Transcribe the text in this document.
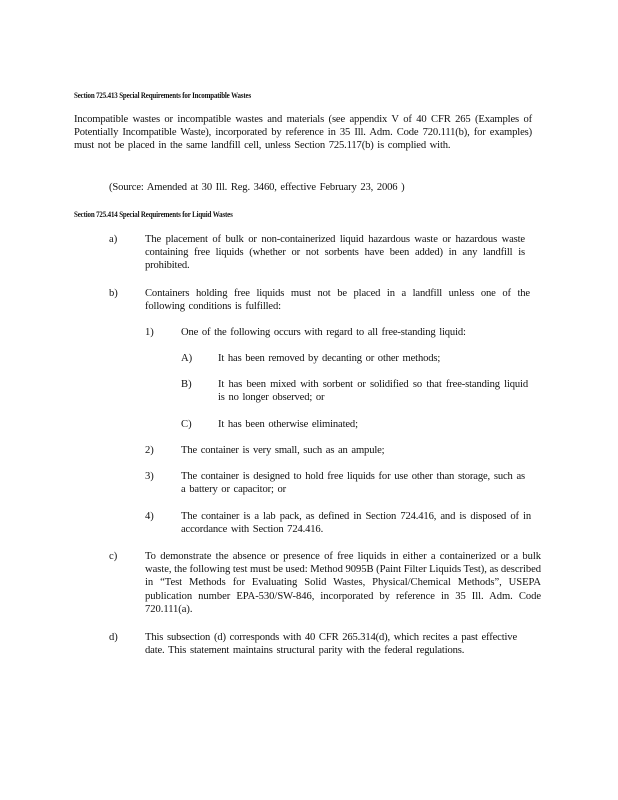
Section 725.413 Special Requirements for Incompatible Wastes
Incompatible wastes or incompatible wastes and materials (see appendix V of 40 CFR 265 (Examples of Potentially Incompatible Waste), incorporated by reference in 35 Ill. Adm. Code 720.111(b), for examples) must not be placed in the same landfill cell, unless Section 725.117(b) is complied with.
(Source: Amended at 30 Ill. Reg. 3460, effective February 23, 2006 )
Section 725.414 Special Requirements for Liquid Wastes
a)	The placement of bulk or non-containerized liquid hazardous waste or hazardous waste containing free liquids (whether or not sorbents have been added) in any landfill is prohibited.
b)	Containers holding free liquids must not be placed in a landfill unless one of the following conditions is fulfilled:
1)	One of the following occurs with regard to all free-standing liquid:
A) It has been removed by decanting or other methods;
B) It has been mixed with sorbent or solidified so that free-standing liquid is no longer observed; or
C) It has been otherwise eliminated;
2)	The container is very small, such as an ampule;
3)	The container is designed to hold free liquids for use other than storage, such as a battery or capacitor; or
4)	The container is a lab pack, as defined in Section 724.416, and is disposed of in accordance with Section 724.416.
c)	To demonstrate the absence or presence of free liquids in either a containerized or a bulk waste, the following test must be used: Method 9095B (Paint Filter Liquids Test), as described in “Test Methods for Evaluating Solid Wastes, Physical/Chemical Methods”, USEPA publication number EPA-530/SW-846, incorporated by reference in 35 Ill. Adm. Code 720.111(a).
d)	This subsection (d) corresponds with 40 CFR 265.314(d), which recites a past effective date. This statement maintains structural parity with the federal regulations.
